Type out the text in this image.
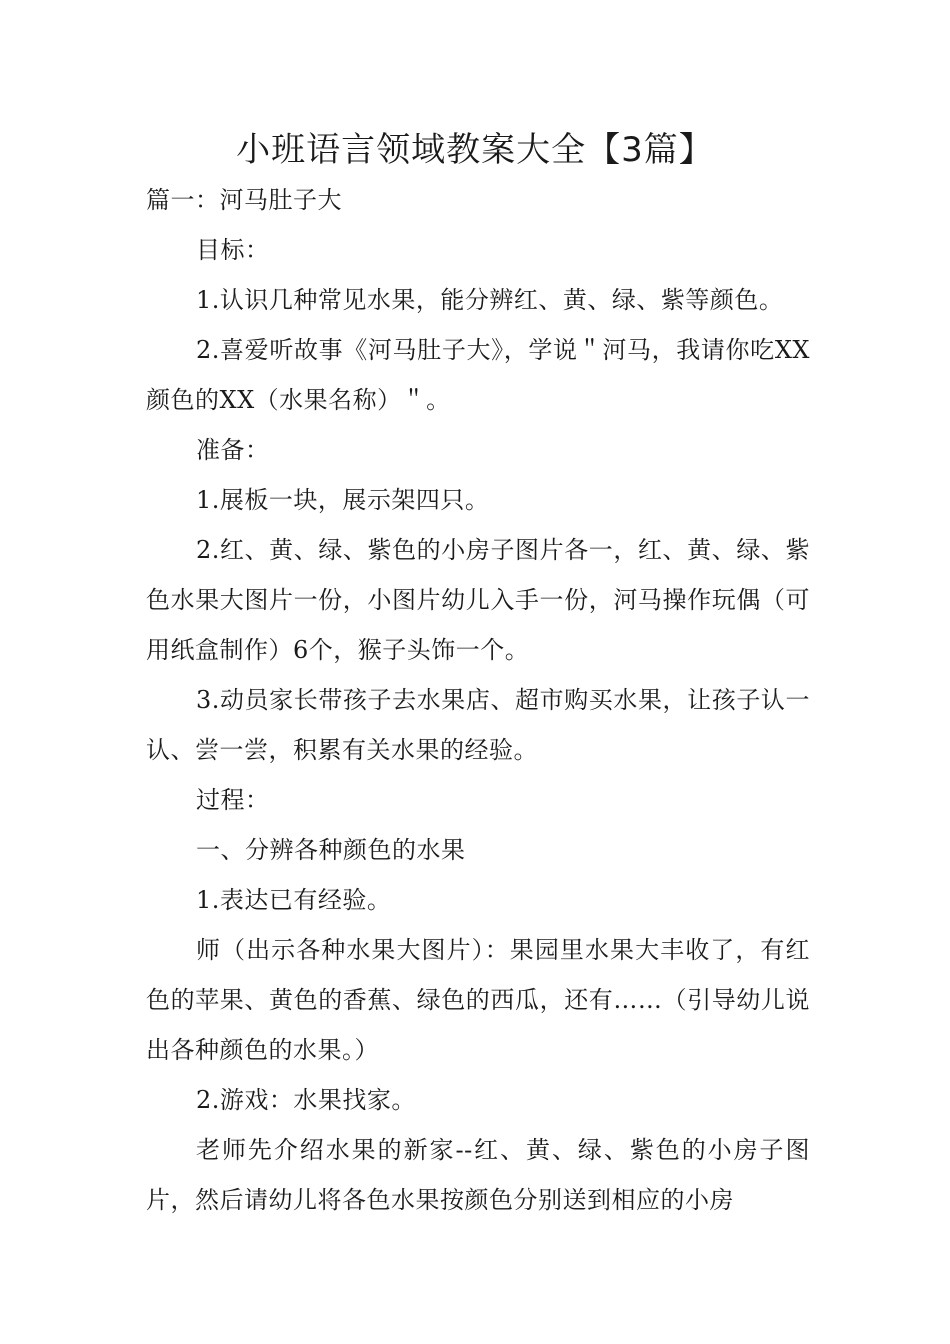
小班语言领域教案大全【3篇】

篇一：河马肚子大

目标：

1.认识几种常见水果，能分辨红、黄、绿、紫等颜色。

2.喜爱听故事《河马肚子大》，学说＂河马，我请你吃XX颜色的XX（水果名称）＂。

准备：

1.展板一块，展示架四只。

2.红、黄、绿、紫色的小房子图片各一，红、黄、绿、紫色水果大图片一份，小图片幼儿入手一份，河马操作玩偶（可用纸盒制作）6个，猴子头饰一个。

3.动员家长带孩子去水果店、超市购买水果，让孩子认一认、尝一尝，积累有关水果的经验。

过程：

一、分辨各种颜色的水果

1.表达已有经验。

师（出示各种水果大图片）：果园里水果大丰收了，有红色的苹果、黄色的香蕉、绿色的西瓜，还有……（引导幼儿说出各种颜色的水果。）

2.游戏：水果找家。

老师先介绍水果的新家--红、黄、绿、紫色的小房子图片，然后请幼儿将各色水果按颜色分别送到相应的小房
